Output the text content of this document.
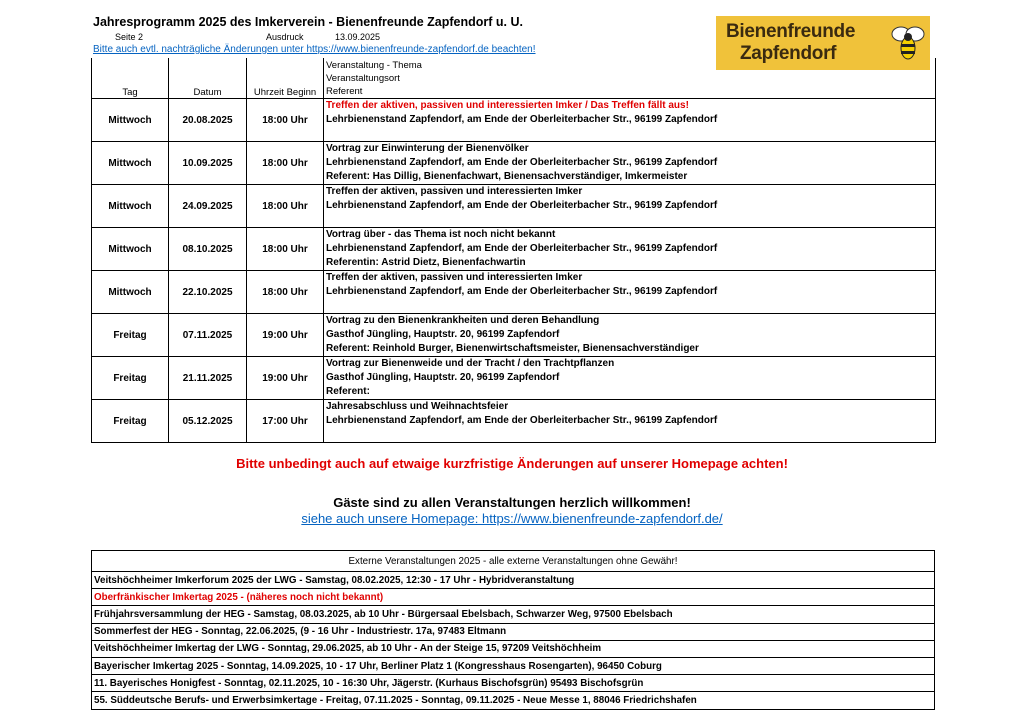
Jahresprogramm 2025 des Imkerverein - Bienenfreunde Zapfendorf u. U.
Seite 2	Ausdruck	13.09.2025
Bitte auch evtl. nachträgliche Änderungen unter https://www.bienenfreunde-zapfendorf.de beachten!
Bienenfreunde
Zapfendorf
Tag	Datum	Uhrzeit Beginn	Veranstaltung - Thema
Veranstaltungsort
Referent

Mittwoch	20.08.2025	18:00 Uhr	Treffen der aktiven, passiven und interessierten Imker / Das Treffen fällt aus!
Lehrbienenstand Zapfendorf, am Ende der Oberleiterbacher Str., 96199 Zapfendorf

Mittwoch	10.09.2025	18:00 Uhr	Vortrag zur Einwinterung der Bienenvölker
Lehrbienenstand Zapfendorf, am Ende der Oberleiterbacher Str., 96199 Zapfendorf
Referent: Has Dillig, Bienenfachwart, Bienensachverständiger, Imkermeister

Mittwoch	24.09.2025	18:00 Uhr	Treffen der aktiven, passiven und interessierten Imker
Lehrbienenstand Zapfendorf, am Ende der Oberleiterbacher Str., 96199 Zapfendorf

Mittwoch	08.10.2025	18:00 Uhr	Vortrag über - das Thema ist noch nicht bekannt
Lehrbienenstand Zapfendorf, am Ende der Oberleiterbacher Str., 96199 Zapfendorf
Referentin: Astrid Dietz, Bienenfachwartin

Mittwoch	22.10.2025	18:00 Uhr	Treffen der aktiven, passiven und interessierten Imker
Lehrbienenstand Zapfendorf, am Ende der Oberleiterbacher Str., 96199 Zapfendorf

Freitag	07.11.2025	19:00 Uhr	Vortrag zu den Bienenkrankheiten und deren Behandlung
Gasthof Jüngling, Hauptstr. 20, 96199 Zapfendorf
Referent: Reinhold Burger, Bienenwirtschaftsmeister, Bienensachverständiger

Freitag	21.11.2025	19:00 Uhr	Vortrag zur Bienenweide und der Tracht / den Trachtpflanzen
Gasthof Jüngling, Hauptstr. 20, 96199 Zapfendorf
Referent:

Freitag	05.12.2025	17:00 Uhr	Jahresabschluss und Weihnachtsfeier
Lehrbienenstand Zapfendorf, am Ende der Oberleiterbacher Str., 96199 Zapfendorf
Bitte unbedingt auch auf etwaige kurzfristige Änderungen auf unserer Homepage achten!
Gäste sind zu allen Veranstaltungen herzlich willkommen!
siehe auch unsere Homepage: https://www.bienenfreunde-zapfendorf.de/
Externe Veranstaltungen 2025 - alle externe Veranstaltungen ohne Gewähr!
Veitshöchheimer Imkerforum 2025 der LWG - Samstag, 08.02.2025, 12:30 - 17 Uhr - Hybridveranstaltung
Oberfränkischer Imkertag 2025 - (näheres noch nicht bekannt)
Frühjahrsversammlung der HEG - Samstag, 08.03.2025, ab 10 Uhr - Bürgersaal Ebelsbach, Schwarzer Weg, 97500 Ebelsbach
Sommerfest der HEG - Sonntag, 22.06.2025, (9 - 16 Uhr - Industriestr. 17a, 97483 Eltmann
Veitshöchheimer Imkertag der LWG - Sonntag, 29.06.2025, ab 10 Uhr - An der Steige 15, 97209 Veitshöchheim
Bayerischer Imkertag 2025 - Sonntag, 14.09.2025, 10 - 17 Uhr, Berliner Platz 1 (Kongresshaus Rosengarten), 96450 Coburg
11. Bayerisches Honigfest - Sonntag, 02.11.2025, 10 - 16:30 Uhr, Jägerstr. (Kurhaus Bischofsgrün) 95493 Bischofsgrün
55. Süddeutsche Berufs- und Erwerbsimkertage - Freitag, 07.11.2025 - Sonntag, 09.11.2025 - Neue Messe 1, 88046 Friedrichshafen
